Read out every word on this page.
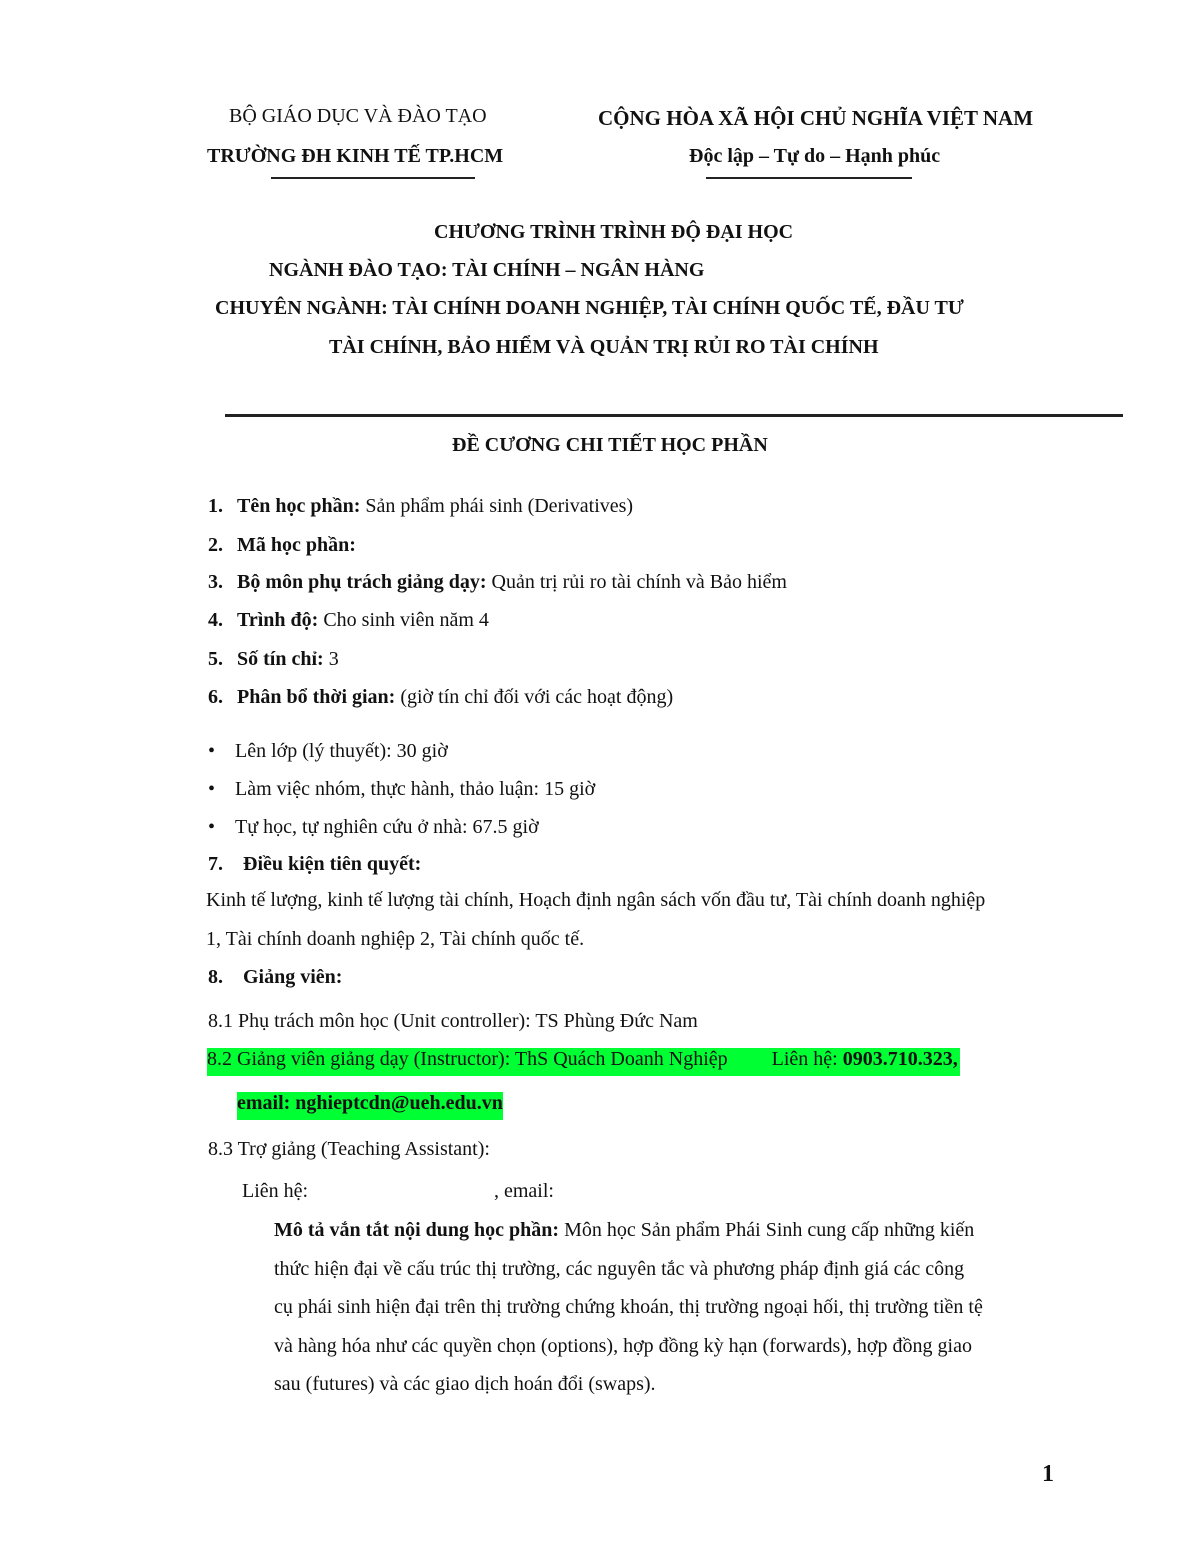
BỘ GIÁO DỤC VÀ ĐÀO TẠO
TRƯỜNG ĐH KINH TẾ TP.HCM
CỘNG HÒA XÃ HỘI CHỦ NGHĨA VIỆT NAM
Độc lập – Tự do – Hạnh phúc
CHƯƠNG TRÌNH TRÌNH ĐỘ ĐẠI HỌC
NGÀNH ĐÀO TẠO: TÀI CHÍNH – NGÂN HÀNG
CHUYÊN NGÀNH: TÀI CHÍNH DOANH NGHIỆP, TÀI CHÍNH QUỐC TẾ, ĐẦU TƯ
TÀI CHÍNH, BẢO HIỂM VÀ QUẢN TRỊ RỦI RO TÀI CHÍNH
ĐỀ CƯƠNG CHI TIẾT HỌC PHẦN
1. Tên học phần: Sản phẩm phái sinh (Derivatives)
2. Mã học phần:
3. Bộ môn phụ trách giảng dạy: Quản trị rủi ro tài chính và Bảo hiểm
4. Trình độ: Cho sinh viên năm 4
5. Số tín chỉ: 3
6. Phân bổ thời gian: (giờ tín chỉ đối với các hoạt động)
• Lên lớp (lý thuyết): 30 giờ
• Làm việc nhóm, thực hành, thảo luận: 15 giờ
• Tự học, tự nghiên cứu ở nhà: 67.5 giờ
7. Điều kiện tiên quyết:
Kinh tế lượng, kinh tế lượng tài chính, Hoạch định ngân sách vốn đầu tư, Tài chính doanh nghiệp
1, Tài chính doanh nghiệp 2, Tài chính quốc tế.
8. Giảng viên:
8.1 Phụ trách môn học (Unit controller): TS Phùng Đức Nam
8.2 Giảng viên giảng dạy (Instructor): ThS Quách Doanh Nghiệp Liên hệ: 0903.710.323,
email: nghieptcdn@ueh.edu.vn
8.3 Trợ giảng (Teaching Assistant):
Liên hệ:	, email:
Mô tả vắn tắt nội dung học phần: Môn học Sản phẩm Phái Sinh cung cấp những kiến
thức hiện đại về cấu trúc thị trường, các nguyên tắc và phương pháp định giá các công
cụ phái sinh hiện đại trên thị trường chứng khoán, thị trường ngoại hối, thị trường tiền tệ
và hàng hóa như các quyền chọn (options), hợp đồng kỳ hạn (forwards), hợp đồng giao
sau (futures) và các giao dịch hoán đổi (swaps).
1
